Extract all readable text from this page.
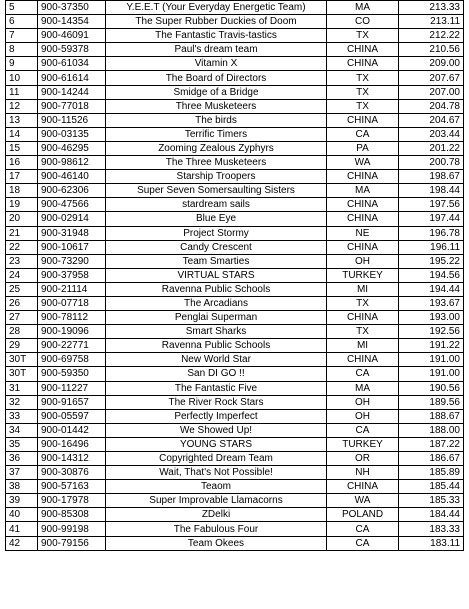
5	900-37350	Y.E.E.T (Your Everyday Energetic Team)	MA	213.33
6	900-14354	The Super Rubber Duckies of Doom	CO	213.11
7	900-46091	The Fantastic Travis-tastics	TX	212.22
8	900-59378	Paul's dream team	CHINA	210.56
9	900-61034	Vitamin X	CHINA	209.00
10	900-61614	The Board of Directors	TX	207.67
11	900-14244	Smidge of a Bridge	TX	207.00
12	900-77018	Three Musketeers	TX	204.78
13	900-11526	The birds	CHINA	204.67
14	900-03135	Terrific Timers	CA	203.44
15	900-46295	Zooming Zealous Zyphyrs	PA	201.22
16	900-98612	The Three Musketeers	WA	200.78
17	900-46140	Starship Troopers	CHINA	198.67
18	900-62306	Super Seven Somersaulting Sisters	MA	198.44
19	900-47566	stardream sails	CHINA	197.56
20	900-02914	Blue Eye	CHINA	197.44
21	900-31948	Project Stormy	NE	196.78
22	900-10617	Candy Crescent	CHINA	196.11
23	900-73290	Team Smarties	OH	195.22
24	900-37958	VIRTUAL STARS	TURKEY	194.56
25	900-21114	Ravenna Public Schools	MI	194.44
26	900-07718	The Arcadians	TX	193.67
27	900-78112	Penglai Superman	CHINA	193.00
28	900-19096	Smart Sharks	TX	192.56
29	900-22771	Ravenna Public Schools	MI	191.22
30T	900-69758	New World Star	CHINA	191.00
30T	900-59350	San DI GO !!	CA	191.00
31	900-11227	The Fantastic Five	MA	190.56
32	900-91657	The River Rock Stars	OH	189.56
33	900-05597	Perfectly Imperfect	OH	188.67
34	900-01442	We Showed Up!	CA	188.00
35	900-16496	YOUNG STARS	TURKEY	187.22
36	900-14312	Copyrighted Dream Team	OR	186.67
37	900-30876	Wait, That's Not Possible!	NH	185.89
38	900-57163	Teaom	CHINA	185.44
39	900-17978	Super Improvable Llamacorns	WA	185.33
40	900-85308	ZDelki	POLAND	184.44
41	900-99198	The Fabulous Four	CA	183.33
42	900-79156	Team Okees	CA	183.11
